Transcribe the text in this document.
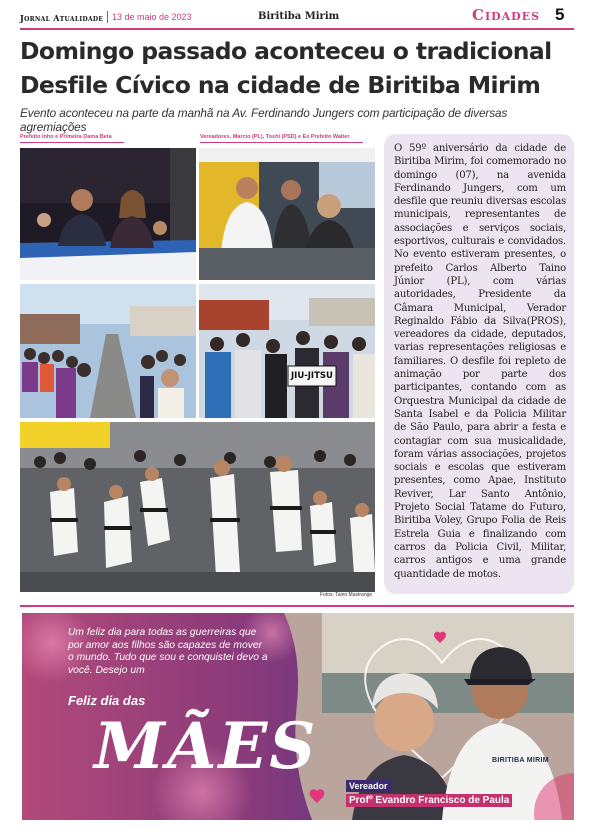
Jornal Atualidade 13 de maio de 2023	Biritiba Mirim	Cidades 5
Domingo passado aconteceu o tradicional Desfile Cívico na cidade de Biritiba Mirim
Evento aconteceu na parte da manhã na Av. Ferdinando Jungers com participação de diversas agremiações
Prefeito Inho e Primeira Dama Beta	Vereadores, Marcio (PL), Toshi (PSD) e Ex Prefeito Walter
JIU-JITSU
Fotos: Taino Mastrange

O 59º aniversário da cidade de Biritiba Mirim, foi comemorado no domingo (07), na avenida Ferdinando Jungers, com um desfile que reuniu diversas escolas municipais, representantes de associações e serviços sociais, esportivos, culturais e convidados. No evento estiveram presentes, o prefeito Carlos Alberto Taino Júnior (PL), com várias autoridades, Presidente da Câmara Municipal, Verador Reginaldo Fábio da Silva(PROS), vereadores da cidade, deputados, varias representações religiosas e familiares. O desfile foi repleto de animação por parte dos participantes, contando com as Orquestra Municipal da cidade de Santa Isabel e da Policia Militar de São Paulo, para abrir a festa e contagiar com sua musicalidade, foram várias associações, projetos sociais e escolas que estiveram presentes, como Apae, Instituto Reviver, Lar Santo Antônio, Projeto Social Tatame do Futuro, Biritiba Voley, Grupo Folia de Reis Estrela Guia e finalizando com carros da Policia Civil, Militar, carros antigos e uma grande quantidade de motos.

BIRITIBA MIRIM
Um feliz dia para todas as guerreiras que por amor aos filhos são capazes de mover o mundo. Tudo que sou e conquistei devo a você. Desejo um
Feliz dia das
MÃES
Vereador
Profº Evandro Francisco de Paula
